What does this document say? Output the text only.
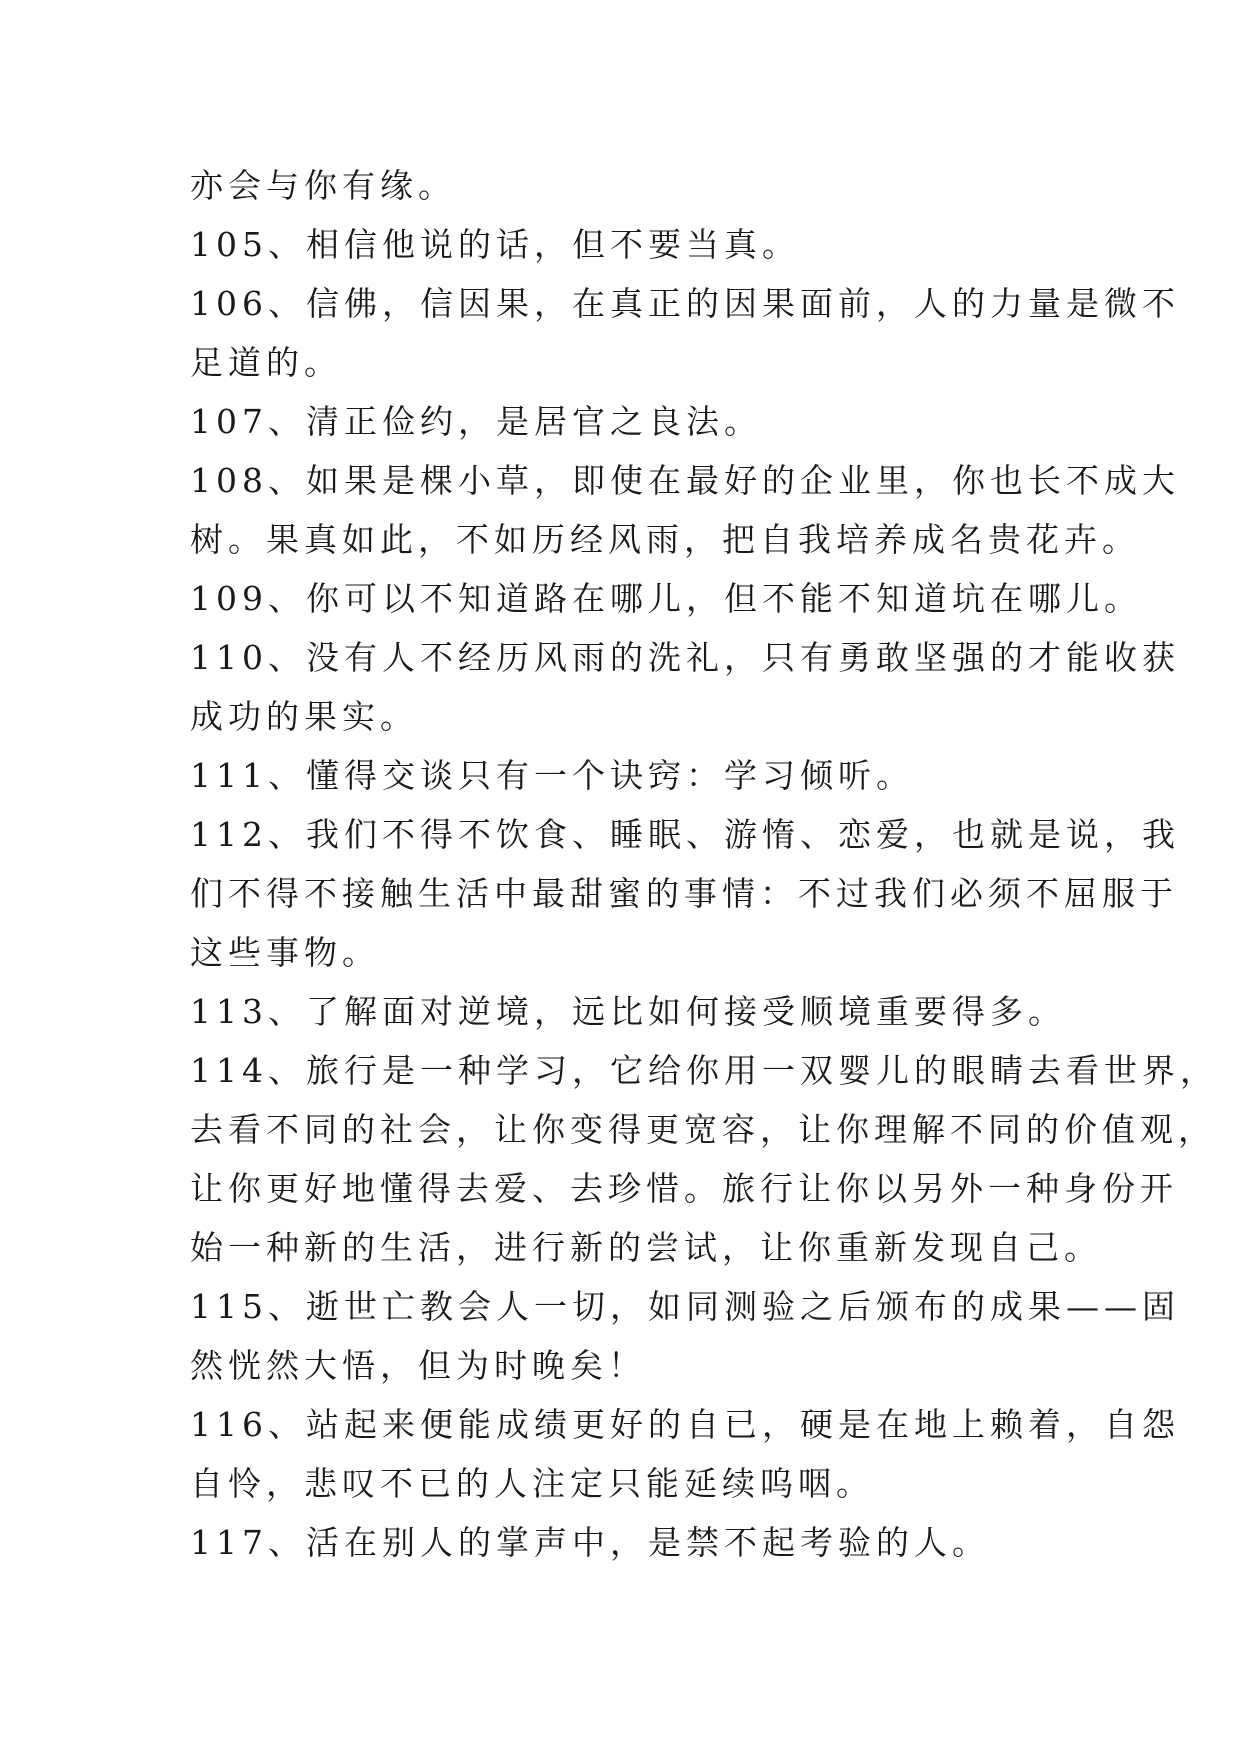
亦会与你有缘。
105、相信他说的话，但不要当真。
106、信佛，信因果，在真正的因果面前，人的力量是微不
足道的。
107、清正俭约，是居官之良法。
108、如果是棵小草，即使在最好的企业里，你也长不成大
树。果真如此，不如历经风雨，把自我培养成名贵花卉。
109、你可以不知道路在哪儿，但不能不知道坑在哪儿。
110、没有人不经历风雨的洗礼，只有勇敢坚强的才能收获
成功的果实。
111、懂得交谈只有一个诀窍：学习倾听。
112、我们不得不饮食、睡眠、游惰、恋爱，也就是说，我
们不得不接触生活中最甜蜜的事情：不过我们必须不屈服于
这些事物。
113、了解面对逆境，远比如何接受顺境重要得多。
114、旅行是一种学习，它给你用一双婴儿的眼睛去看世界，
去看不同的社会，让你变得更宽容，让你理解不同的价值观，
让你更好地懂得去爱、去珍惜。旅行让你以另外一种身份开
始一种新的生活，进行新的尝试，让你重新发现自己。
115、逝世亡教会人一切，如同测验之后颁布的成果——固
然恍然大悟，但为时晚矣！
116、站起来便能成绩更好的自已，硬是在地上赖着，自怨
自怜，悲叹不已的人注定只能延续呜咽。
117、活在别人的掌声中，是禁不起考验的人。
